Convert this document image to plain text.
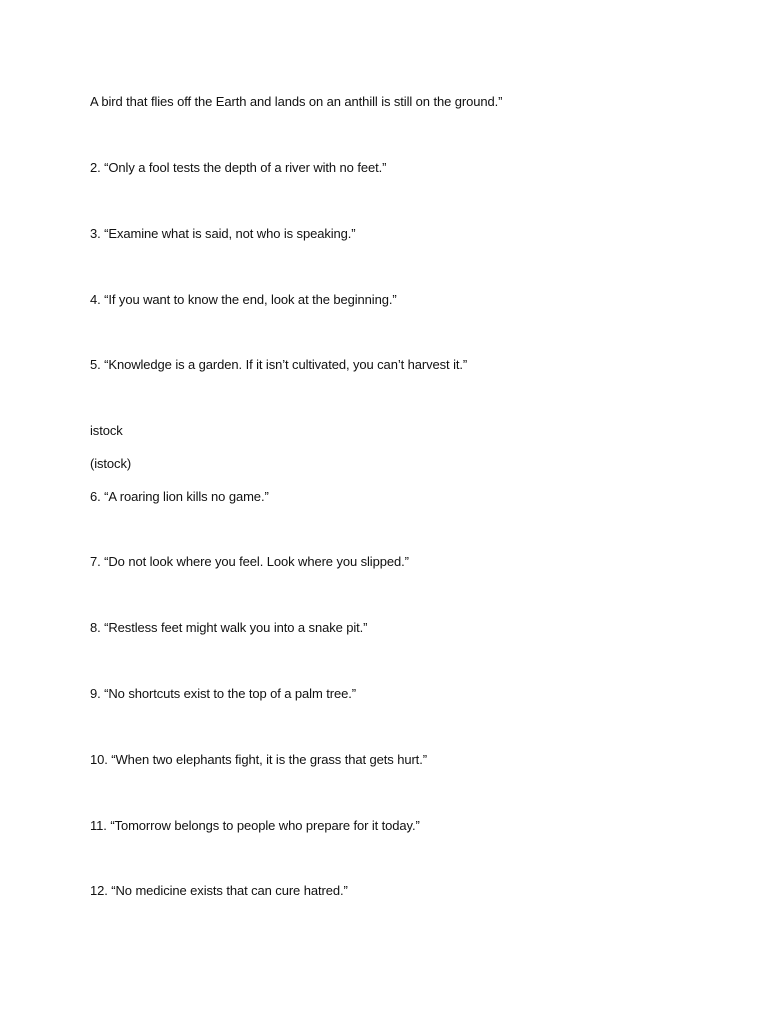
A bird that flies off the Earth and lands on an anthill is still on the ground.”
2. “Only a fool tests the depth of a river with no feet.”
3. “Examine what is said, not who is speaking.”
4. “If you want to know the end, look at the beginning.”
5. “Knowledge is a garden. If it isn’t cultivated, you can’t harvest it.”
istock
(istock)
6. “A roaring lion kills no game.”
7. “Do not look where you feel. Look where you slipped.”
8. “Restless feet might walk you into a snake pit.”
9. “No shortcuts exist to the top of a palm tree.”
10. “When two elephants fight, it is the grass that gets hurt.”
11. “Tomorrow belongs to people who prepare for it today.”
12. “No medicine exists that can cure hatred.”
